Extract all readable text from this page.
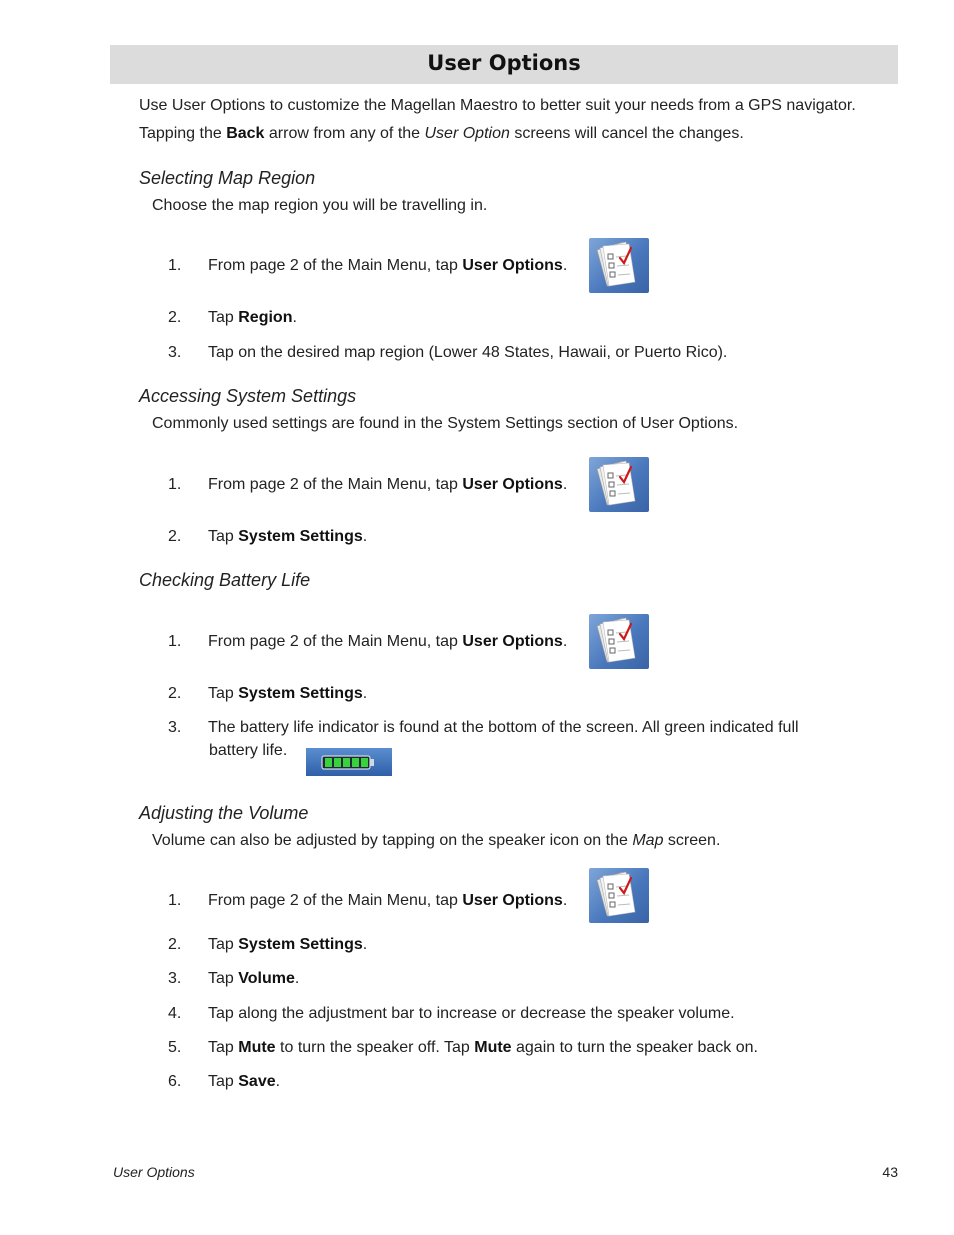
User Options
Use User Options to customize the Magellan Maestro to better suit your needs from a GPS navigator.
Tapping the Back arrow from any of the User Option screens will cancel the changes.
Selecting Map Region
Choose the map region you will be travelling in.
1. From page 2 of the Main Menu, tap User Options.
2. Tap Region.
3. Tap on the desired map region (Lower 48 States, Hawaii, or Puerto Rico).
Accessing System Settings
Commonly used settings are found in the System Settings section of User Options.
1. From page 2 of the Main Menu, tap User Options.
2. Tap System Settings.
Checking Battery Life
1. From page 2 of the Main Menu, tap User Options.
2. Tap System Settings.
3. The battery life indicator is found at the bottom of the screen. All green indicated full
battery life.
Adjusting the Volume
Volume can also be adjusted by tapping on the speaker icon on the Map screen.
1. From page 2 of the Main Menu, tap User Options.
2. Tap System Settings.
3. Tap Volume.
4. Tap along the adjustment bar to increase or decrease the speaker volume.
5. Tap Mute to turn the speaker off. Tap Mute again to turn the speaker back on.
6. Tap Save.
User Options	43
